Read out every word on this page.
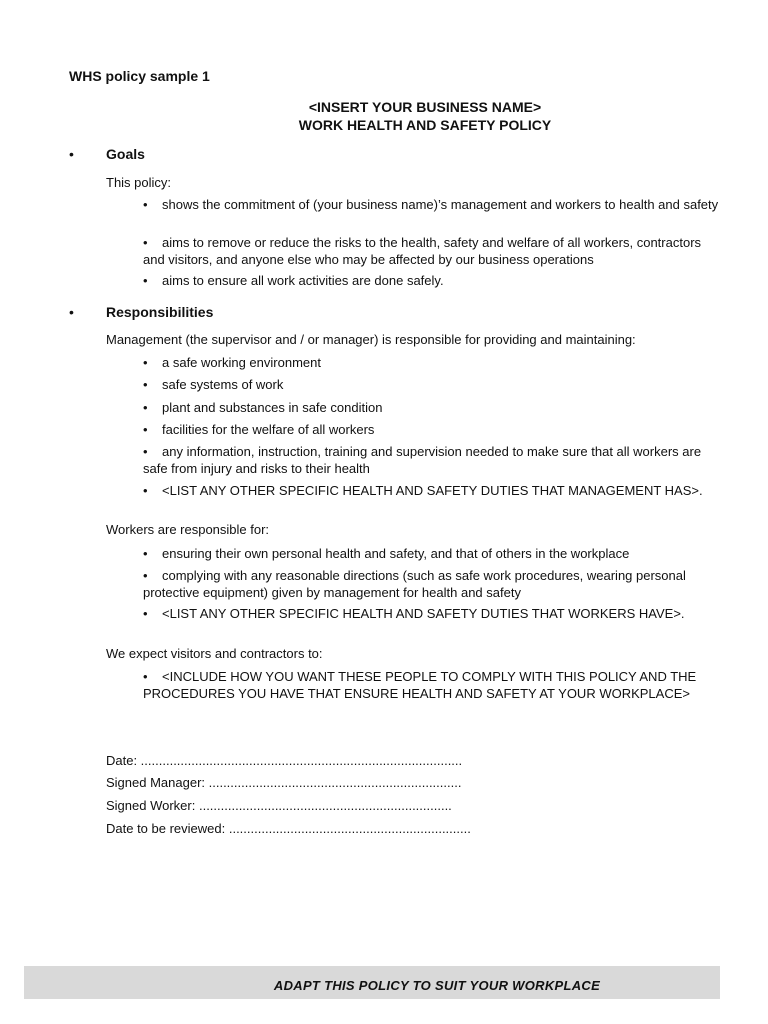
WHS policy sample 1
<INSERT YOUR BUSINESS NAME>
WORK HEALTH AND SAFETY POLICY
• Goals
This policy:
• shows the commitment of (your business name)’s management and workers to health and safety
• aims to remove or reduce the risks to the health, safety and welfare of all workers, contractors and visitors, and anyone else who may be affected by our business operations
• aims to ensure all work activities are done safely.
• Responsibilities
Management (the supervisor and / or manager) is responsible for providing and maintaining:
• a safe working environment
• safe systems of work
• plant and substances in safe condition
• facilities for the welfare of all workers
• any information, instruction, training and supervision needed to make sure that all workers are safe from injury and risks to their health
• <LIST ANY OTHER SPECIFIC HEALTH AND SAFETY DUTIES THAT MANAGEMENT HAS>.
Workers are responsible for:
• ensuring their own personal health and safety, and that of others in the workplace
• complying with any reasonable directions (such as safe work procedures, wearing personal protective equipment) given by management for health and safety
• <LIST ANY OTHER SPECIFIC HEALTH AND SAFETY DUTIES THAT WORKERS HAVE>.
We expect visitors and contractors to:
• <INCLUDE HOW YOU WANT THESE PEOPLE TO COMPLY WITH THIS POLICY AND THE PROCEDURES YOU HAVE THAT ENSURE HEALTH AND SAFETY AT YOUR WORKPLACE>
Date: .........................................................................................
Signed Manager: ......................................................................
Signed Worker: ......................................................................
Date to be reviewed: ...................................................................
ADAPT THIS POLICY TO SUIT YOUR WORKPLACE
